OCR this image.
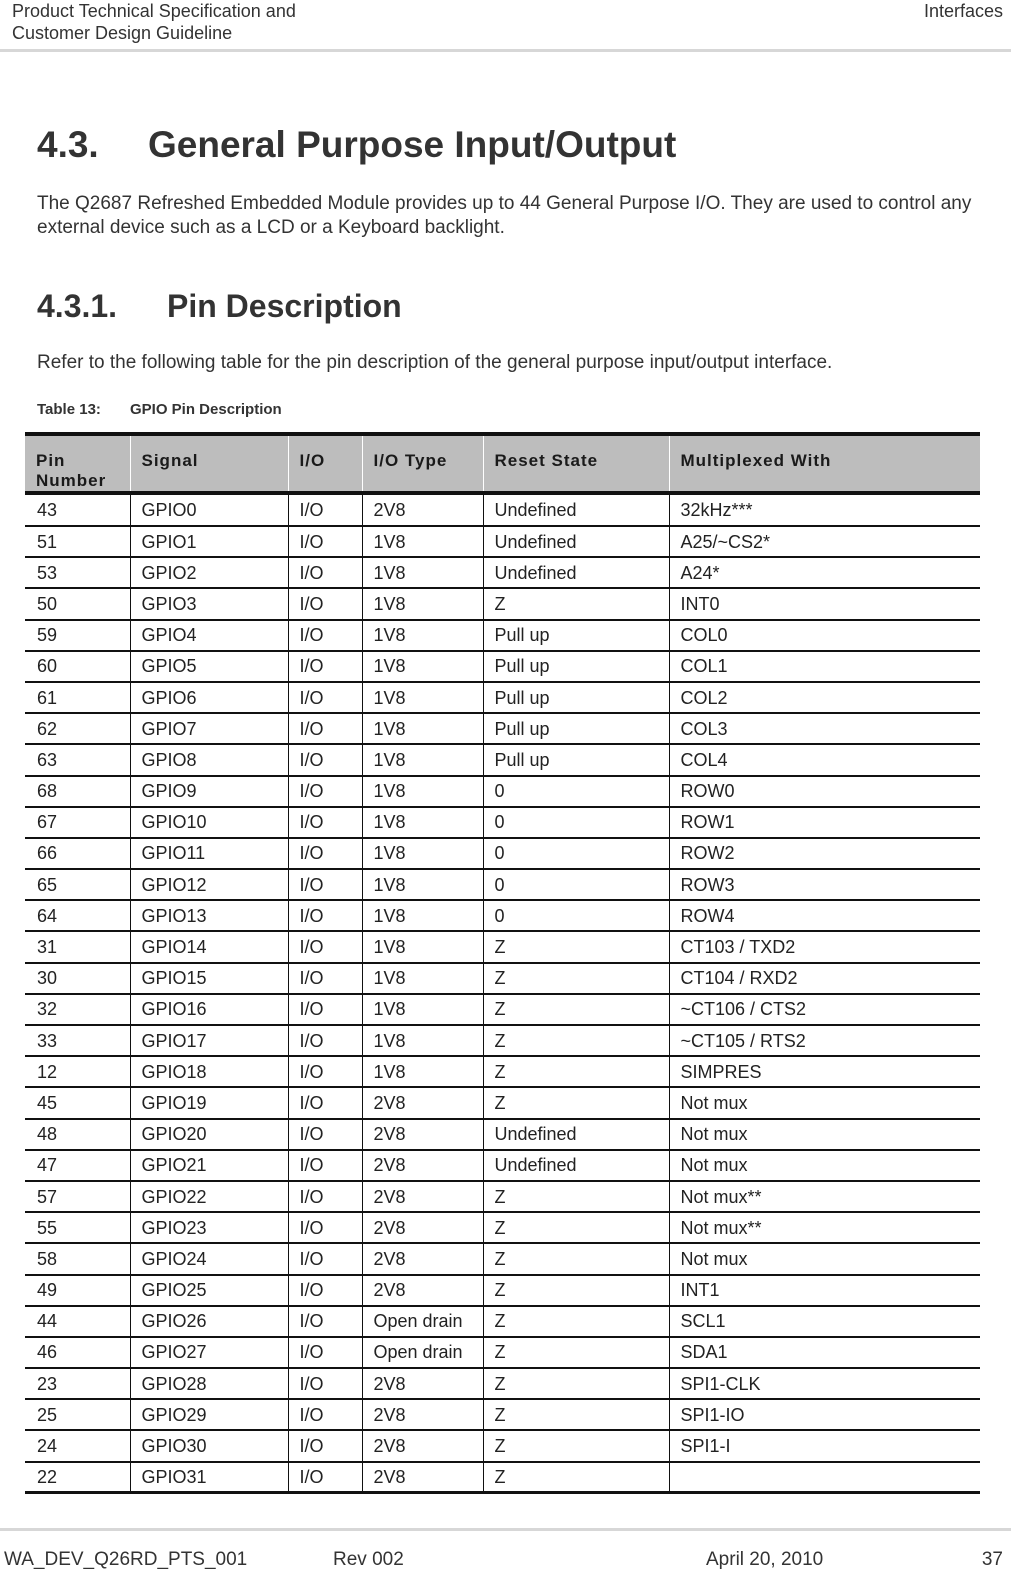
Product Technical Specification and
Customer Design Guideline
Interfaces
4.3. General Purpose Input/Output
The Q2687 Refreshed Embedded Module provides up to 44 General Purpose I/O. They are used to control any external device such as a LCD or a Keyboard backlight.
4.3.1. Pin Description
Refer to the following table for the pin description of the general purpose input/output interface.
Table 13: GPIO Pin Description
Pin Number	Signal	I/O	I/O Type	Reset State	Multiplexed With
43	GPIO0	I/O	2V8	Undefined	32kHz***
51	GPIO1	I/O	1V8	Undefined	A25/~CS2*
53	GPIO2	I/O	1V8	Undefined	A24*
50	GPIO3	I/O	1V8	Z	INT0
59	GPIO4	I/O	1V8	Pull up	COL0
60	GPIO5	I/O	1V8	Pull up	COL1
61	GPIO6	I/O	1V8	Pull up	COL2
62	GPIO7	I/O	1V8	Pull up	COL3
63	GPIO8	I/O	1V8	Pull up	COL4
68	GPIO9	I/O	1V8	0	ROW0
67	GPIO10	I/O	1V8	0	ROW1
66	GPIO11	I/O	1V8	0	ROW2
65	GPIO12	I/O	1V8	0	ROW3
64	GPIO13	I/O	1V8	0	ROW4
31	GPIO14	I/O	1V8	Z	CT103 / TXD2
30	GPIO15	I/O	1V8	Z	CT104 / RXD2
32	GPIO16	I/O	1V8	Z	~CT106 / CTS2
33	GPIO17	I/O	1V8	Z	~CT105 / RTS2
12	GPIO18	I/O	1V8	Z	SIMPRES
45	GPIO19	I/O	2V8	Z	Not mux
48	GPIO20	I/O	2V8	Undefined	Not mux
47	GPIO21	I/O	2V8	Undefined	Not mux
57	GPIO22	I/O	2V8	Z	Not mux**
55	GPIO23	I/O	2V8	Z	Not mux**
58	GPIO24	I/O	2V8	Z	Not mux
49	GPIO25	I/O	2V8	Z	INT1
44	GPIO26	I/O	Open drain	Z	SCL1
46	GPIO27	I/O	Open drain	Z	SDA1
23	GPIO28	I/O	2V8	Z	SPI1-CLK
25	GPIO29	I/O	2V8	Z	SPI1-IO
24	GPIO30	I/O	2V8	Z	SPI1-I
22	GPIO31	I/O	2V8	Z	
WA_DEV_Q26RD_PTS_001	Rev 002	April 20, 2010	37
